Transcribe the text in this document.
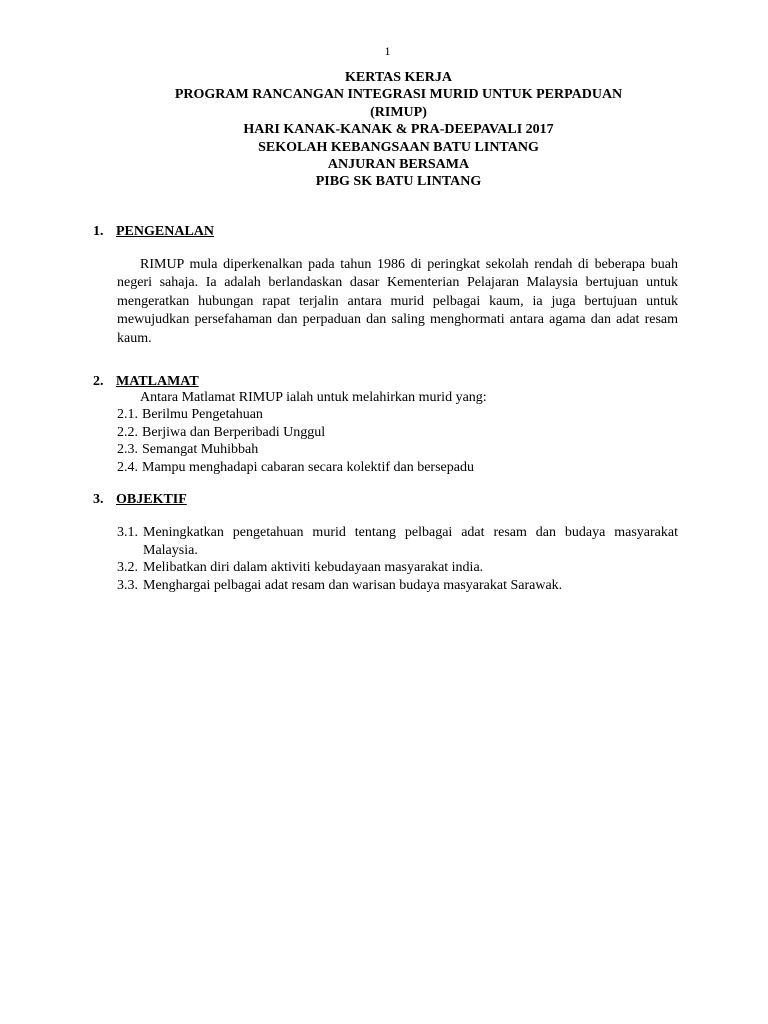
1
KERTAS KERJA
PROGRAM RANCANGAN INTEGRASI MURID UNTUK PERPADUAN
(RIMUP)
HARI KANAK-KANAK & PRA-DEEPAVALI 2017
SEKOLAH KEBANGSAAN BATU LINTANG
ANJURAN BERSAMA
PIBG SK BATU LINTANG
1. PENGENALAN

RIMUP mula diperkenalkan pada tahun 1986 di peringkat sekolah rendah di beberapa buah negeri sahaja. Ia adalah berlandaskan dasar Kementerian Pelajaran Malaysia bertujuan untuk mengeratkan hubungan rapat terjalin antara murid pelbagai kaum, ia juga bertujuan untuk mewujudkan persefahaman dan perpaduan dan saling menghormati antara agama dan adat resam kaum.

2. MATLAMAT
Antara Matlamat RIMUP ialah untuk melahirkan murid yang:
2.1. Berilmu Pengetahuan
2.2. Berjiwa dan Berperibadi Unggul
2.3. Semangat Muhibbah
2.4. Mampu menghadapi cabaran secara kolektif dan bersepadu
3. OBJEKTIF
3.1. Meningkatkan pengetahuan murid tentang pelbagai adat resam dan budaya masyarakat Malaysia.
3.2. Melibatkan diri dalam aktiviti kebudayaan masyarakat india.
3.3. Menghargai pelbagai adat resam dan warisan budaya masyarakat Sarawak.
